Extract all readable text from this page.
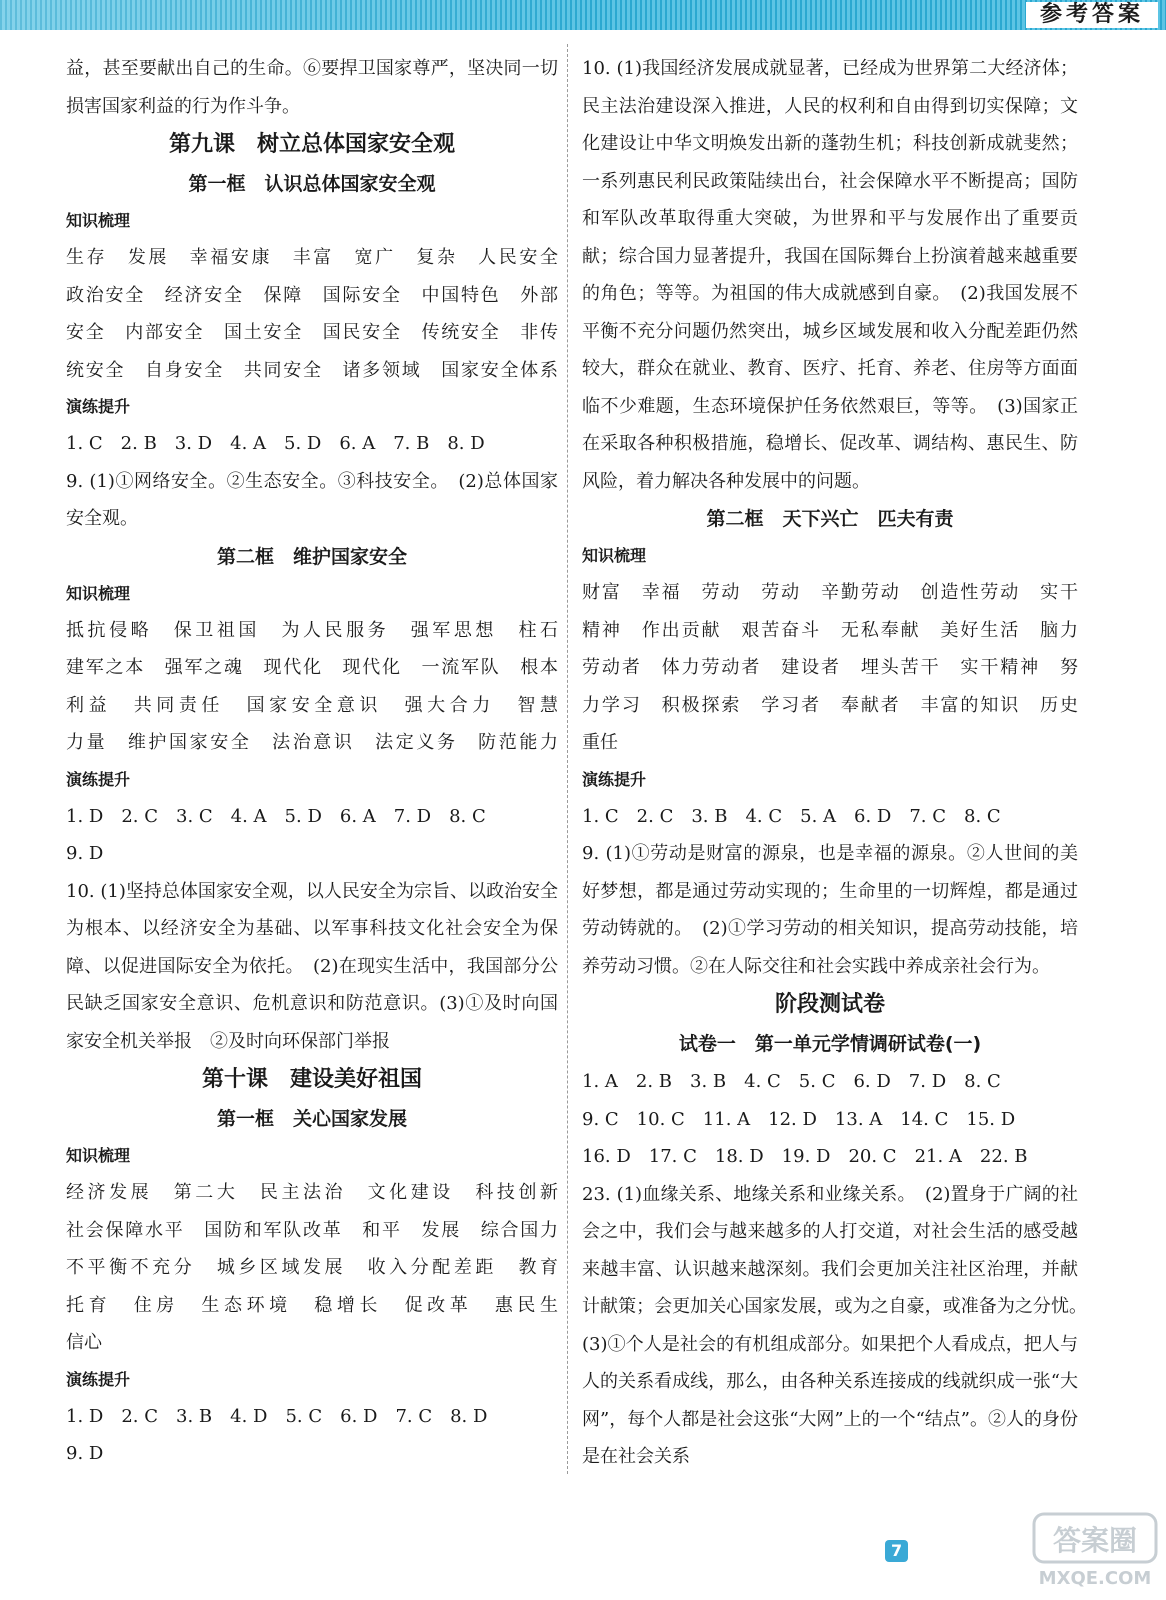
参考答案

益，甚至要献出自己的生命。⑥要捍卫国家尊严，坚决同一切损害国家利益的行为作斗争。

第九课　树立总体国家安全观
第一框　认识总体国家安全观
知识梳理
生存　发展　幸福安康　丰富　宽广　复杂　人民安全
政治安全　经济安全　保障　国际安全　中国特色　外部
安全　内部安全　国土安全　国民安全　传统安全　非传
统安全　自身安全　共同安全　诸多领域　国家安全体系
演练提升
1. C　2. B　3. D　4. A　5. D　6. A　7. B　8. D

9. (1)①网络安全。②生态安全。③科技安全。　(2)总体国家安全观。

第二框　维护国家安全
知识梳理
抵抗侵略　保卫祖国　为人民服务　强军思想　柱石
建军之本　强军之魂　现代化　现代化　一流军队　根本
利益　共同责任　国家安全意识　强大合力　智慧
力量　维护国家安全　法治意识　法定义务　防范能力
演练提升
1. D　2. C　3. C　4. A　5. D　6. A　7. D　8. C
9. D

10. (1)坚持总体国家安全观，以人民安全为宗旨、以政治安全为根本、以经济安全为基础、以军事科技文化社会安全为保障、以促进国际安全为依托。　(2)在现实生活中，我国部分公民缺乏国家安全意识、危机意识和防范意识。(3)①及时向国家安全机关举报　②及时向环保部门举报

第十课　建设美好祖国
第一框　关心国家发展
知识梳理
经济发展　第二大　民主法治　文化建设　科技创新
社会保障水平　国防和军队改革　和平　发展　综合国力
不平衡不充分　城乡区域发展　收入分配差距　教育
托育　住房　生态环境　稳增长　促改革　惠民生
信心
演练提升
1. D　2. C　3. B　4. D　5. C　6. D　7. C　8. D
9. D

10. (1)我国经济发展成就显著，已经成为世界第二大经济体；民主法治建设深入推进，人民的权利和自由得到切实保障；文化建设让中华文明焕发出新的蓬勃生机；科技创新成就斐然；一系列惠民利民政策陆续出台，社会保障水平不断提高；国防和军队改革取得重大突破，为世界和平与发展作出了重要贡献；综合国力显著提升，我国在国际舞台上扮演着越来越重要的角色；等等。为祖国的伟大成就感到自豪。　(2)我国发展不平衡不充分问题仍然突出，城乡区域发展和收入分配差距仍然较大，群众在就业、教育、医疗、托育、养老、住房等方面面临不少难题，生态环境保护任务依然艰巨，等等。　(3)国家正在采取各种积极措施，稳增长、促改革、调结构、惠民生、防风险，着力解决各种发展中的问题。

第二框　天下兴亡　匹夫有责
知识梳理
财富　幸福　劳动　劳动　辛勤劳动　创造性劳动　实干
精神　作出贡献　艰苦奋斗　无私奉献　美好生活　脑力
劳动者　体力劳动者　建设者　埋头苦干　实干精神　努
力学习　积极探索　学习者　奉献者　丰富的知识　历史
重任
演练提升
1. C　2. C　3. B　4. C　5. A　6. D　7. C　8. C

9. (1)①劳动是财富的源泉，也是幸福的源泉。②人世间的美好梦想，都是通过劳动实现的；生命里的一切辉煌，都是通过劳动铸就的。　(2)①学习劳动的相关知识，提高劳动技能，培养劳动习惯。②在人际交往和社会实践中养成亲社会行为。

阶段测试卷
试卷一　第一单元学情调研试卷(一)
1. A　2. B　3. B　4. C　5. C　6. D　7. D　8. C
9. C　10. C　11. A　12. D　13. A　14. C　15. D
16. D　17. C　18. D　19. D　20. C　21. A　22. B

23. (1)血缘关系、地缘关系和业缘关系。　(2)置身于广阔的社会之中，我们会与越来越多的人打交道，对社会生活的感受越来越丰富、认识越来越深刻。我们会更加关注社区治理，并献计献策；会更加关心国家发展，或为之自豪，或准备为之分忧。　(3)①个人是社会的有机组成部分。如果把个人看成点，把人与人的关系看成线，那么，由各种关系连接成的线就织成一张“大网”，每个人都是社会这张“大网”上的一个“结点”。②人的身份是在社会关系

7	答案圈
MXQE.COM
